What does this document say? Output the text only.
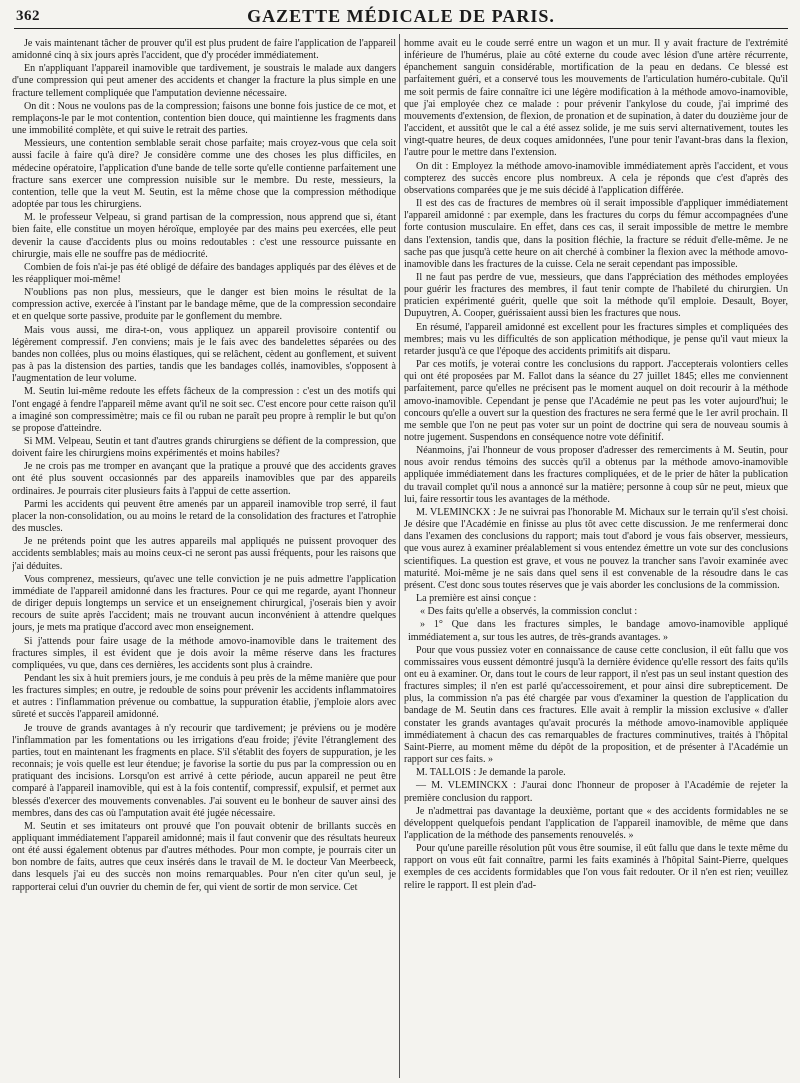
362	GAZETTE MÉDICALE DE PARIS.

Je vais maintenant tâcher de prouver qu'il est plus prudent de faire l'application de l'appareil amidonné cinq à six jours après l'accident, que d'y procéder immédiatement.

En n'appliquant l'appareil inamovible que tardivement, je soustrais le malade aux dangers d'une compression qui peut amener des accidents et changer la fracture la plus simple en une fracture tellement compliquée que l'amputation devienne nécessaire.

On dit : Nous ne voulons pas de la compression; faisons une bonne fois justice de ce mot, et remplaçons-le par le mot contention, contention bien douce, qui maintienne les fragments dans une immobilité complète, et qui suive le retrait des parties.

Messieurs, une contention semblable serait chose parfaite; mais croyez-vous que cela soit aussi facile à faire qu'à dire? Je considère comme une des choses les plus difficiles, en médecine opératoire, l'application d'une bande de telle sorte qu'elle contienne parfaitement une fracture sans exercer une compression nuisible sur le membre. Du reste, messieurs, la contention, telle que la veut M. Seutin, est la même chose que la compression méthodique adoptée par tous les chirurgiens.

M. le professeur Velpeau, si grand partisan de la compression, nous apprend que si, étant bien faite, elle constitue un moyen héroïque, employée par des mains peu exercées, elle peut devenir la cause d'accidents plus ou moins redoutables : c'est une ressource puissante en chirurgie, mais elle ne souffre pas de médiocrité.

Combien de fois n'ai-je pas été obligé de défaire des bandages appliqués par des élèves et de les réappliquer moi-même!

N'oublions pas non plus, messieurs, que le danger est bien moins le résultat de la compression active, exercée à l'instant par le bandage même, que de la compression secondaire et en quelque sorte passive, produite par le gonflement du membre.

Mais vous aussi, me dira-t-on, vous appliquez un appareil provisoire contentif ou légèrement compressif. J'en conviens; mais je le fais avec des bandelettes séparées ou des bandes non collées, plus ou moins élastiques, qui se relâchent, cèdent au gonflement, et suivent pas à pas la distension des parties, tandis que les bandages collés, inamovibles, s'opposent à l'augmentation de leur volume.

M. Seutin lui-même redoute les effets fâcheux de la compression : c'est un des motifs qui l'ont engagé à fendre l'appareil même avant qu'il ne soit sec. C'est encore pour cette raison qu'il a imaginé son compressimètre; mais ce fil ou ruban ne paraît peu propre à remplir le but qu'on se propose d'atteindre.

Si MM. Velpeau, Seutin et tant d'autres grands chirurgiens se défient de la compression, que doivent faire les chirurgiens moins expérimentés et moins habiles?

Je ne crois pas me tromper en avançant que la pratique a prouvé que des accidents graves ont été plus souvent occasionnés par des appareils inamovibles que par des appareils ordinaires. Je pourrais citer plusieurs faits à l'appui de cette assertion.

Parmi les accidents qui peuvent être amenés par un appareil inamovible trop serré, il faut placer la non-consolidation, ou au moins le retard de la consolidation des fractures et l'atrophie des muscles.

Je ne prétends point que les autres appareils mal appliqués ne puissent provoquer des accidents semblables; mais au moins ceux-ci ne seront pas aussi fréquents, pour les raisons que j'ai déduites.

Vous comprenez, messieurs, qu'avec une telle conviction je ne puis admettre l'application immédiate de l'appareil amidonné dans les fractures. Pour ce qui me regarde, ayant l'honneur de diriger depuis longtemps un service et un enseignement chirurgical, j'oserais bien y avoir recours de suite après l'accident; mais ne trouvant aucun inconvénient à attendre quelques jours, je mets ma pratique d'accord avec mon enseignement.

Si j'attends pour faire usage de la méthode amovo-inamovible dans le traitement des fractures simples, il est évident que je dois avoir la même réserve dans les fractures compliquées, vu que, dans ces dernières, les accidents sont plus à craindre.

Pendant les six à huit premiers jours, je me conduis à peu près de la même manière que pour les fractures simples; en outre, je redouble de soins pour prévenir les accidents inflammatoires et autres : l'inflammation prévenue ou combattue, la suppuration établie, j'emploie alors avec sûreté et succès l'appareil amidonné.

Je trouve de grands avantages à n'y recourir que tardivement; je préviens ou je modère l'inflammation par les fomentations ou les irrigations d'eau froide; j'évite l'étranglement des parties, tout en maintenant les fragments en place. S'il s'établit des foyers de suppuration, je les reconnais; je vois quelle est leur étendue; je favorise la sortie du pus par la compression ou en pratiquant des incisions. Lorsqu'on est arrivé à cette période, aucun appareil ne peut être comparé à l'appareil inamovible, qui est à la fois contentif, compressif, expulsif, et permet aux blessés d'exercer des mouvements convenables. J'ai souvent eu le bonheur de sauver ainsi des membres, dans des cas où l'amputation avait été jugée nécessaire.

M. Seutin et ses imitateurs ont prouvé que l'on pouvait obtenir de brillants succès en appliquant immédiatement l'appareil amidonné; mais il faut convenir que des résultats heureux ont été aussi également obtenus par d'autres méthodes. Pour mon compte, je pourrais citer un bon nombre de faits, autres que ceux insérés dans le travail de M. le docteur Van Meerbeeck, dans lesquels j'ai eu des succès non moins remarquables. Pour n'en citer qu'un seul, je rapporterai celui d'un ouvrier du chemin de fer, qui vient de sortir de mon service. Cet

homme avait eu le coude serré entre un wagon et un mur. Il y avait fracture de l'extrémité inférieure de l'humérus, plaie au côté externe du coude avec lésion d'une artère récurrente, épanchement sanguin considérable, mortification de la peau en dedans. Ce blessé est parfaitement guéri, et a conservé tous les mouvements de l'articulation huméro-cubitale. Qu'il me soit permis de faire connaître ici une légère modification à la méthode amovo-inamovible, que j'ai employée chez ce malade : pour prévenir l'ankylose du coude, j'ai imprimé des mouvements d'extension, de flexion, de pronation et de supination, à dater du douzième jour de l'accident, et aussitôt que le cal a été assez solide, je me suis servi alternativement, toutes les vingt-quatre heures, de deux coques amidonnées, l'une pour tenir l'avant-bras dans la flexion, l'autre pour le mettre dans l'extension.

On dit : Employez la méthode amovo-inamovible immédiatement après l'accident, et vous compterez des succès encore plus nombreux. A cela je réponds que c'est d'après des observations comparées que je me suis décidé à l'application différée.

Il est des cas de fractures de membres où il serait impossible d'appliquer immédiatement l'appareil amidonné : par exemple, dans les fractures du corps du fémur accompagnées d'une forte contusion musculaire. En effet, dans ces cas, il serait impossible de mettre le membre dans l'extension, tandis que, dans la position fléchie, la fracture se réduit d'elle-même. Je ne sache pas que jusqu'à cette heure on ait cherché à combiner la flexion avec la méthode amovo-inamovible dans les fractures de la cuisse. Cela ne serait cependant pas impossible.

Il ne faut pas perdre de vue, messieurs, que dans l'appréciation des méthodes employées pour guérir les fractures des membres, il faut tenir compte de l'habileté du chirurgien. Un praticien expérimenté guérit, quelle que soit la méthode qu'il emploie. Desault, Boyer, Dupuytren, A. Cooper, guérissaient aussi bien les fractures que nous.

En résumé, l'appareil amidonné est excellent pour les fractures simples et compliquées des membres; mais vu les difficultés de son application méthodique, je pense qu'il vaut mieux la retarder jusqu'à ce que l'époque des accidents primitifs ait disparu.

Par ces motifs, je voterai contre les conclusions du rapport. J'accepterais volontiers celles qui ont été proposées par M. Fallot dans la séance du 27 juillet 1845; elles me conviennent parfaitement, parce qu'elles ne précisent pas le moment auquel on doit recourir à la méthode amovo-inamovible. Cependant je pense que l'Académie ne peut pas les voter aujourd'hui; le concours qu'elle a ouvert sur la question des fractures ne sera fermé que le 1er avril prochain. Il me semble que l'on ne peut pas voter sur un point de doctrine qui sera de nouveau soumis à notre jugement. Suspendons en conséquence notre vote définitif.

Néanmoins, j'ai l'honneur de vous proposer d'adresser des remerciments à M. Seutin, pour nous avoir rendus témoins des succès qu'il a obtenus par la méthode amovo-inamovible appliquée immédiatement dans les fractures compliquées, et de le prier de hâter la publication du travail complet qu'il nous a annoncé sur la matière; personne à coup sûr ne peut, mieux que lui, faire ressortir tous les avantages de la méthode.

M. VLEMINCKX : Je ne suivrai pas l'honorable M. Michaux sur le terrain qu'il s'est choisi. Je désire que l'Académie en finisse au plus tôt avec cette discussion. Je me renfermerai donc dans l'examen des conclusions du rapport; mais tout d'abord je vous fais observer, messieurs, que vous aurez à examiner préalablement si vous entendez émettre un vote sur des conclusions scientifiques. La question est grave, et vous ne pouvez la trancher sans l'avoir examinée avec maturité. Moi-même je ne sais dans quel sens il est convenable de la résoudre dans le cas présent. C'est donc sous toutes réserves que je vais aborder les conclusions de la commission.

La première est ainsi conçue :

« Des faits qu'elle a observés, la commission conclut :

» 1° Que dans les fractures simples, le bandage amovo-inamovible appliqué immédiatement a, sur tous les autres, de très-grands avantages. »

Pour que vous pussiez voter en connaissance de cause cette conclusion, il eût fallu que vos commissaires vous eussent démontré jusqu'à la dernière évidence qu'elle ressort des faits qu'ils ont eu à examiner. Or, dans tout le cours de leur rapport, il n'est pas un seul instant question des fractures simples; il n'en est parlé qu'accessoirement, et pour ainsi dire subrepticement. De plus, la commission n'a pas été chargée par vous d'examiner la question de l'application du bandage de M. Seutin dans ces fractures. Elle avait à remplir la mission exclusive « d'aller constater les grands avantages qu'avait procurés la méthode amovo-inamovible appliquée immédiatement à chacun des cas remarquables de fractures comminutives, traités à l'hôpital Saint-Pierre, au moment même du dépôt de la proposition, et de présenter à l'Académie un rapport sur ces faits. »

M. TALLOIS : Je demande la parole.

— M. VLEMINCKX : J'aurai donc l'honneur de proposer à l'Académie de rejeter la première conclusion du rapport.

Je n'admettrai pas davantage la deuxième, portant que « des accidents formidables ne se développent quelquefois pendant l'application de l'appareil inamovible, de même que dans l'application de la méthode des pansements renouvelés. »

Pour qu'une pareille résolution pût vous être soumise, il eût fallu que dans le texte même du rapport on vous eût fait connaître, parmi les faits examinés à l'hôpital Saint-Pierre, quelques exemples de ces accidents formidables que l'on vous fait redouter. Or il n'en est rien; veuillez relire le rapport. Il est plein d'ad-
